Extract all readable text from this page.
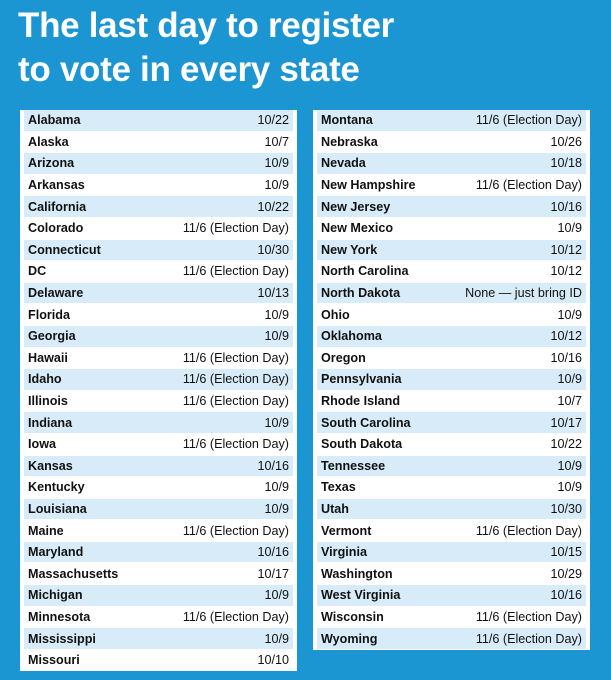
The last day to register
to vote in every state
Alabama	10/22
Alaska	10/7
Arizona	10/9
Arkansas	10/9
California	10/22
Colorado	11/6 (Election Day)
Connecticut	10/30
DC	11/6 (Election Day)
Delaware	10/13
Florida	10/9
Georgia	10/9
Hawaii	11/6 (Election Day)
Idaho	11/6 (Election Day)
Illinois	11/6 (Election Day)
Indiana	10/9
Iowa	11/6 (Election Day)
Kansas	10/16
Kentucky	10/9
Louisiana	10/9
Maine	11/6 (Election Day)
Maryland	10/16
Massachusetts	10/17
Michigan	10/9
Minnesota	11/6 (Election Day)
Mississippi	10/9
Missouri	10/10
Montana	11/6 (Election Day)
Nebraska	10/26
Nevada	10/18
New Hampshire	11/6 (Election Day)
New Jersey	10/16
New Mexico	10/9
New York	10/12
North Carolina	10/12
North Dakota	None — just bring ID
Ohio	10/9
Oklahoma	10/12
Oregon	10/16
Pennsylvania	10/9
Rhode Island	10/7
South Carolina	10/17
South Dakota	10/22
Tennessee	10/9
Texas	10/9
Utah	10/30
Vermont	11/6 (Election Day)
Virginia	10/15
Washington	10/29
West Virginia	10/16
Wisconsin	11/6 (Election Day)
Wyoming	11/6 (Election Day)
